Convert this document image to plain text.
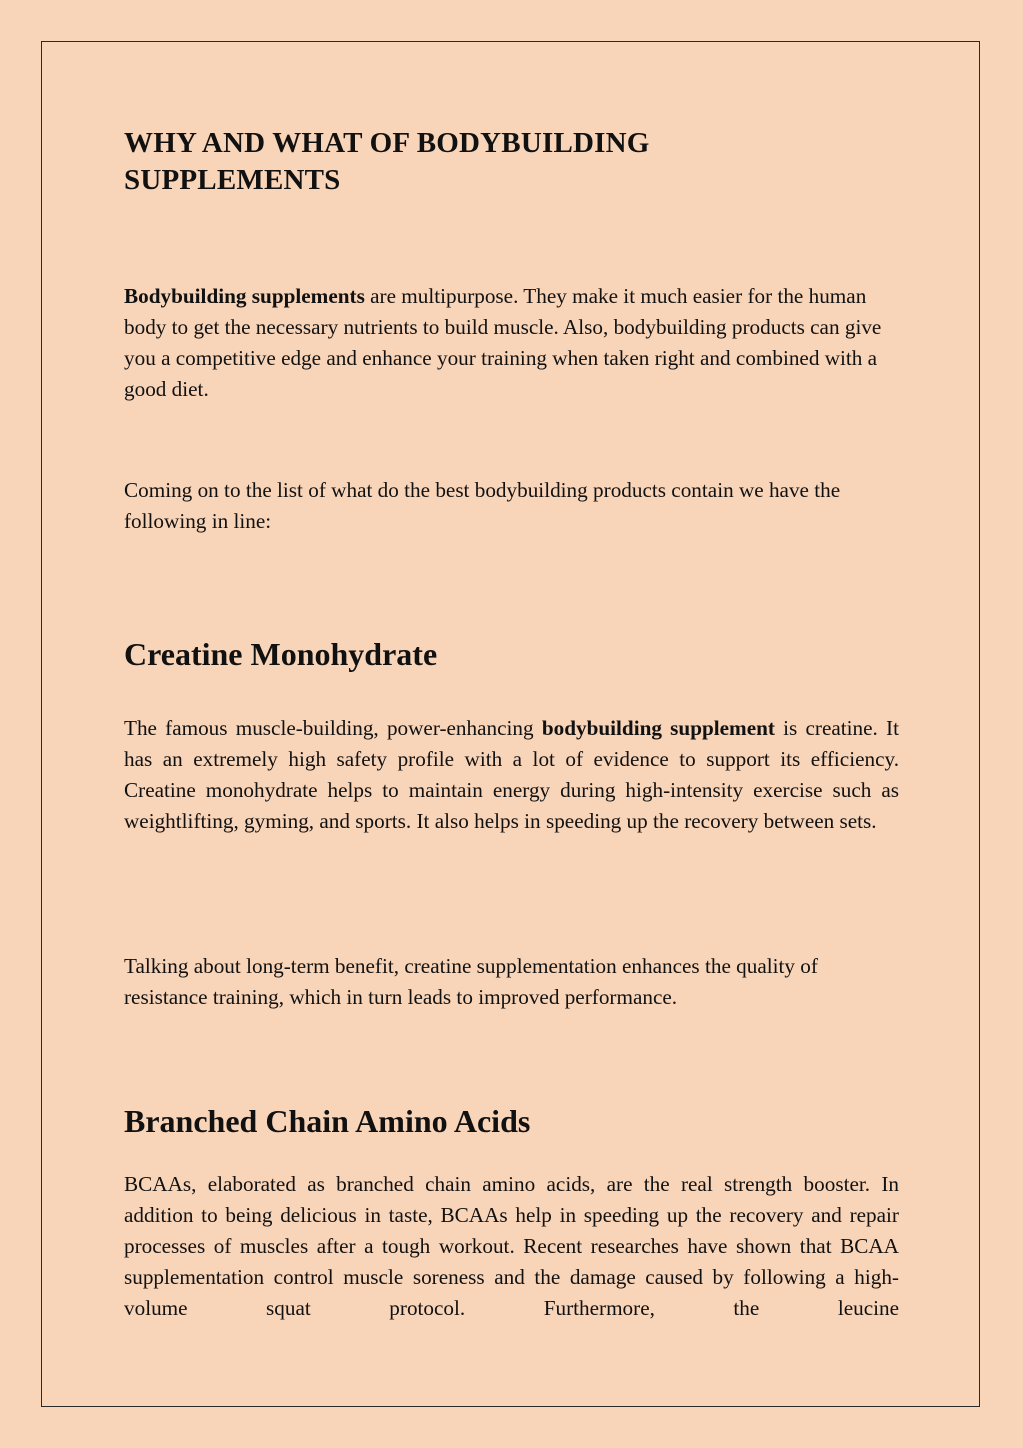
WHY AND WHAT OF BODYBUILDING SUPPLEMENTS

Bodybuilding supplements are multipurpose. They make it much easier for the human body to get the necessary nutrients to build muscle. Also, bodybuilding products can give you a competitive edge and enhance your training when taken right and combined with a good diet.

Coming on to the list of what do the best bodybuilding products contain we have the following in line:

Creatine Monohydrate

The famous muscle-building, power-enhancing bodybuilding supplement is creatine. It has an extremely high safety profile with a lot of evidence to support its efficiency. Creatine monohydrate helps to maintain energy during high-intensity exercise such as weightlifting, gyming, and sports. It also helps in speeding up the recovery between sets.

Talking about long-term benefit, creatine supplementation enhances the quality of resistance training, which in turn leads to improved performance.

Branched Chain Amino Acids

BCAAs, elaborated as branched chain amino acids, are the real strength booster. In addition to being delicious in taste, BCAAs help in speeding up the recovery and repair processes of muscles after a tough workout. Recent researches have shown that BCAA supplementation control muscle soreness and the damage caused by following a high-volume squat protocol. Furthermore, the leucine
